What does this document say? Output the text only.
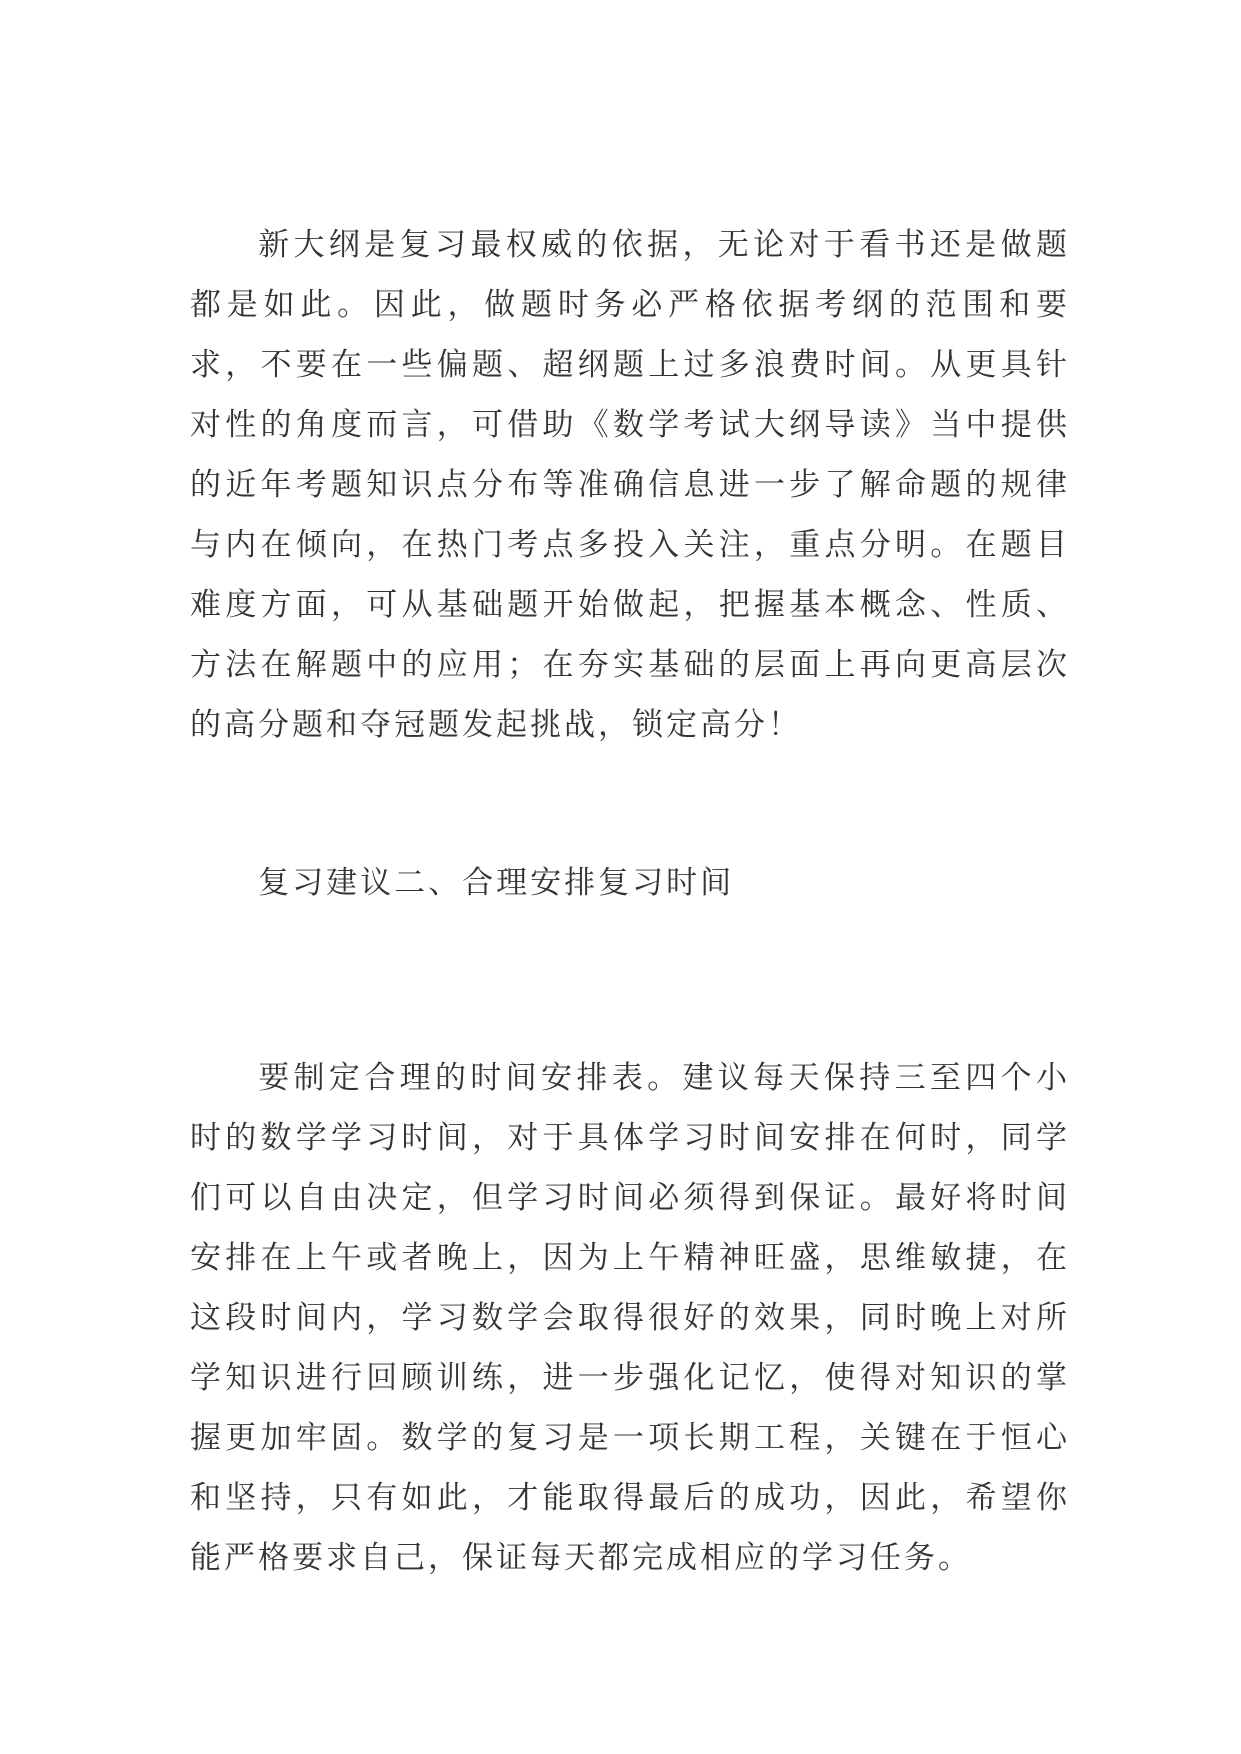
新大纲是复习最权威的依据，无论对于看书还是做题都是如此。因此，做题时务必严格依据考纲的范围和要求，不要在一些偏题、超纲题上过多浪费时间。从更具针对性的角度而言，可借助《数学考试大纲导读》当中提供的近年考题知识点分布等准确信息进一步了解命题的规律与内在倾向，在热门考点多投入关注，重点分明。在题目难度方面，可从基础题开始做起，把握基本概念、性质、方法在解题中的应用；在夯实基础的层面上再向更高层次的高分题和夺冠题发起挑战，锁定高分！

复习建议二、合理安排复习时间

要制定合理的时间安排表。建议每天保持三至四个小时的数学学习时间，对于具体学习时间安排在何时，同学们可以自由决定，但学习时间必须得到保证。最好将时间安排在上午或者晚上，因为上午精神旺盛，思维敏捷，在这段时间内，学习数学会取得很好的效果，同时晚上对所学知识进行回顾训练，进一步强化记忆，使得对知识的掌握更加牢固。数学的复习是一项长期工程，关键在于恒心和坚持，只有如此，才能取得最后的成功，因此，希望你能严格要求自己，保证每天都完成相应的学习任务。
